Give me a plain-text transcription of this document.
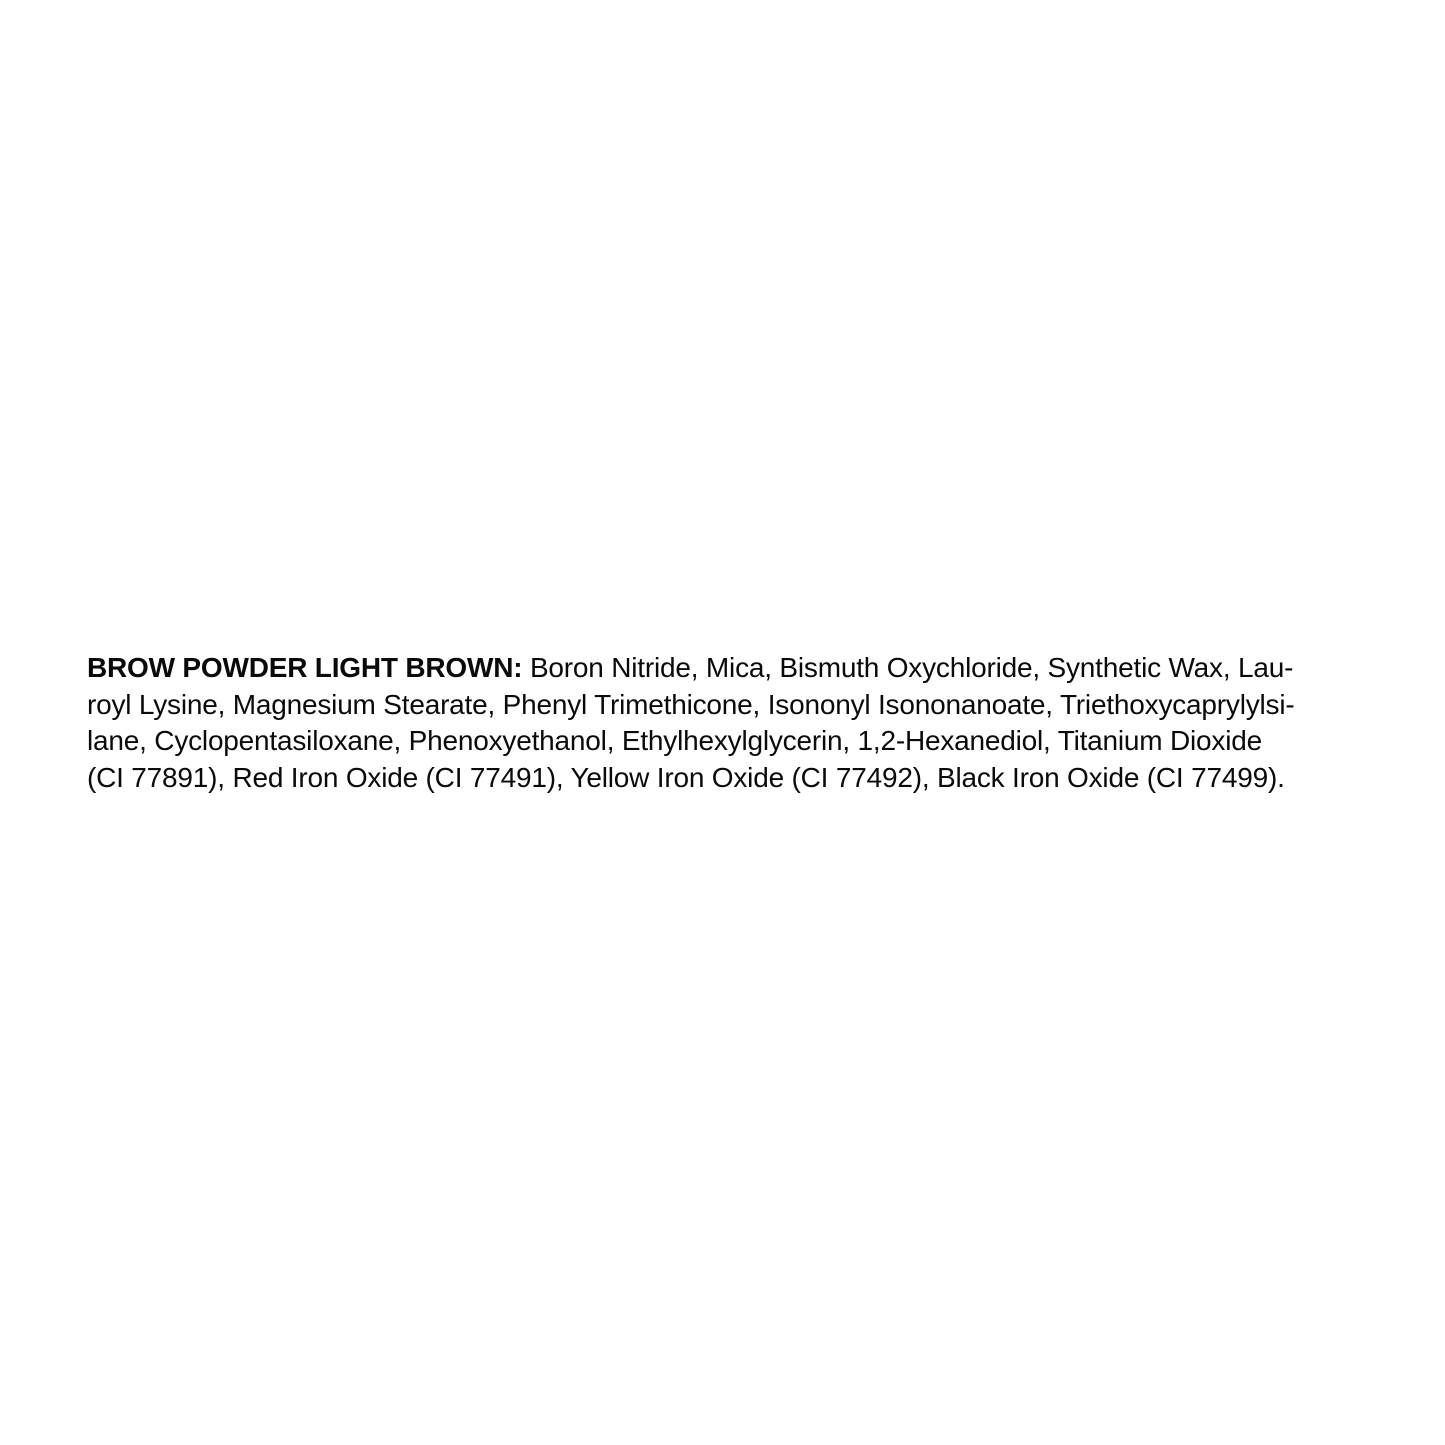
BROW POWDER LIGHT BROWN: Boron Nitride, Mica, Bismuth Oxychloride, Synthetic Wax, Lau-
royl Lysine, Magnesium Stearate, Phenyl Trimethicone, Isononyl Isononanoate, Triethoxycaprylylsi-
lane, Cyclopentasiloxane, Phenoxyethanol, Ethylhexylglycerin, 1,2-Hexanediol, Titanium Dioxide
(CI 77891), Red Iron Oxide (CI 77491), Yellow Iron Oxide (CI 77492), Black Iron Oxide (CI 77499).
